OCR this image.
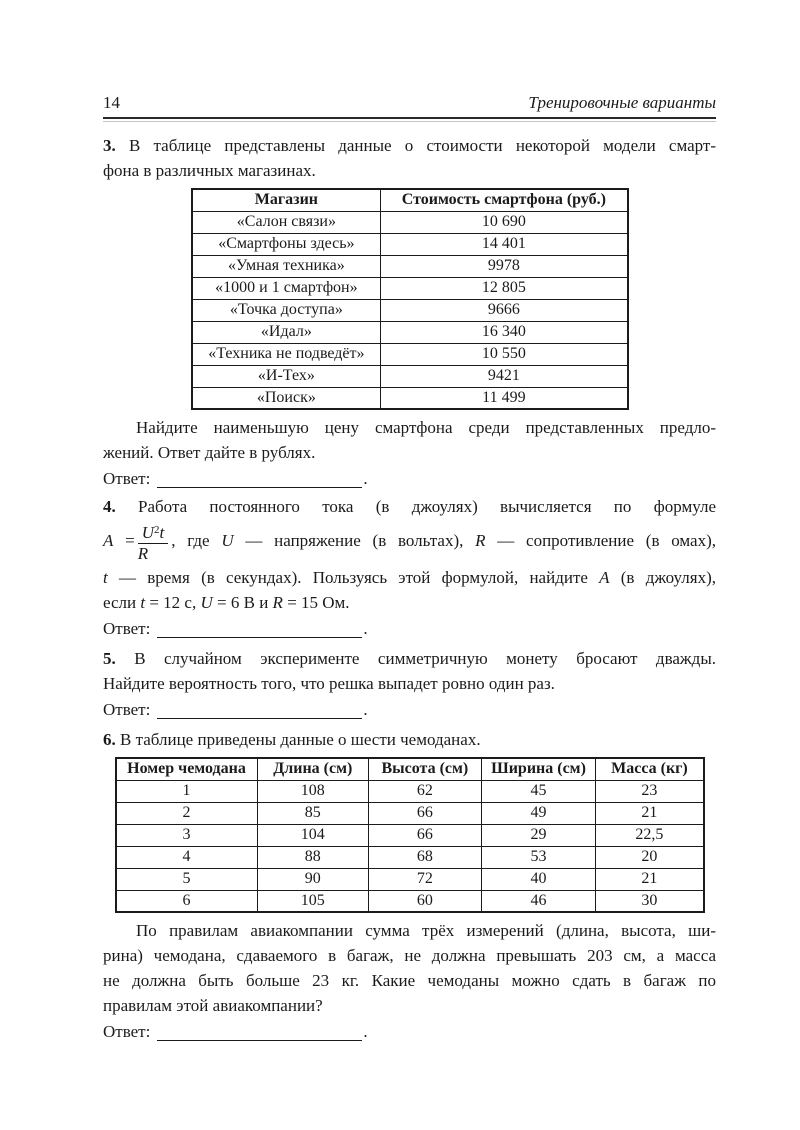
14	Тренировочные варианты
3. В таблице представлены данные о стоимости некоторой модели смарт-
фона в различных магазинах.
Магазин	Стоимость смартфона (руб.)
«Салон связи»	10 690
«Смартфоны здесь»	14 401
«Умная техника»	9978
«1000 и 1 смартфон»	12 805
«Точка доступа»	9666
«Идал»	16 340
«Техника не подведёт»	10 550
«И-Тех»	9421
«Поиск»	11 499
Найдите наименьшую цену смартфона среди представленных предло-
жений. Ответ дайте в рублях.
Ответ:	.
4. Работа постоянного тока (в джоулях) вычисляется по формуле
$A = \frac{U^2t}{R}$ , где U — напряжение (в вольтах), R — сопротивление (в омах),
t — время (в секундах). Пользуясь этой формулой, найдите A (в джоулях),
если t = 12 с, U = 6 В и R = 15 Ом.
Ответ:	.
5. В случайном эксперименте симметричную монету бросают дважды.
Найдите вероятность того, что решка выпадет ровно один раз.
Ответ:	.
6. В таблице приведены данные о шести чемоданах.
Номер чемодана	Длина (см)	Высота (см)	Ширина (см)	Масса (кг)
1	108	62	45	23
2	85	66	49	21
3	104	66	29	22,5
4	88	68	53	20
5	90	72	40	21
6	105	60	46	30
По правилам авиакомпании сумма трёх измерений (длина, высота, ши-
рина) чемодана, сдаваемого в багаж, не должна превышать 203 см, а масса
не должна быть больше 23 кг. Какие чемоданы можно сдать в багаж по
правилам этой авиакомпании?
Ответ:	.
